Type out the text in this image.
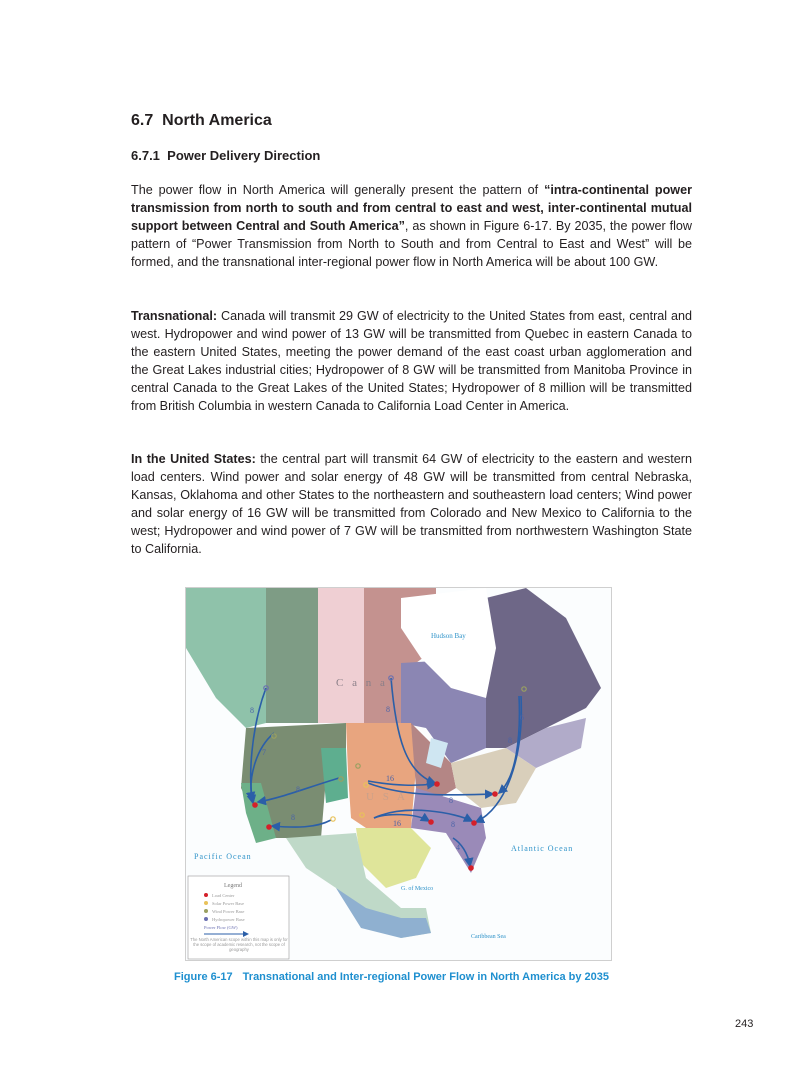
6.7 North America
6.7.1 Power Delivery Direction

The power flow in North America will generally present the pattern of “intra-continental power transmission from north to south and from central to east and west, inter-continental mutual support between Central and South America”, as shown in Figure 6-17. By 2035, the power flow pattern of “Power Transmission from North to South and from Central to East and West” will be formed, and the transnational inter-regional power flow in North America will be about 100 GW.

Transnational: Canada will transmit 29 GW of electricity to the United States from east, central and west. Hydropower and wind power of 13 GW will be transmitted from Quebec in eastern Canada to the eastern United States, meeting the power demand of the east coast urban agglomeration and the Great Lakes industrial cities; Hydropower of 8 GW will be transmitted from Manitoba Province in central Canada to the Great Lakes of the United States; Hydropower of 8 million will be transmitted from British Columbia in western Canada to California Load Center in America.

In the United States: the central part will transmit 64 GW of electricity to the eastern and western load centers. Wind power and solar energy of 48 GW will be transmitted from central Nebraska, Kansas, Oklahoma and other States to the northeastern and southeastern load centers; Wind power and solar energy of 16 GW will be transmitted from Colorado and New Mexico to California to the west; Hydropower and wind power of 7 GW will be transmitted from northwestern Washington State to California.

Hudson Bay
C a n a
U S A
Pacific Ocean
Atlantic Ocean
G. of Mexico
Caribbean Sea
8
7
8
8
8
16
8
16	8
6
8
4
Legend
Load Center
Solar Power Base
Wind Power Base
Hydropower Base
Power Flow (GW)
The North American scope within this map is only for the scope of academic research, not the scope of geography
Figure 6-17 Transnational and Inter-regional Power Flow in North America by 2035
243
